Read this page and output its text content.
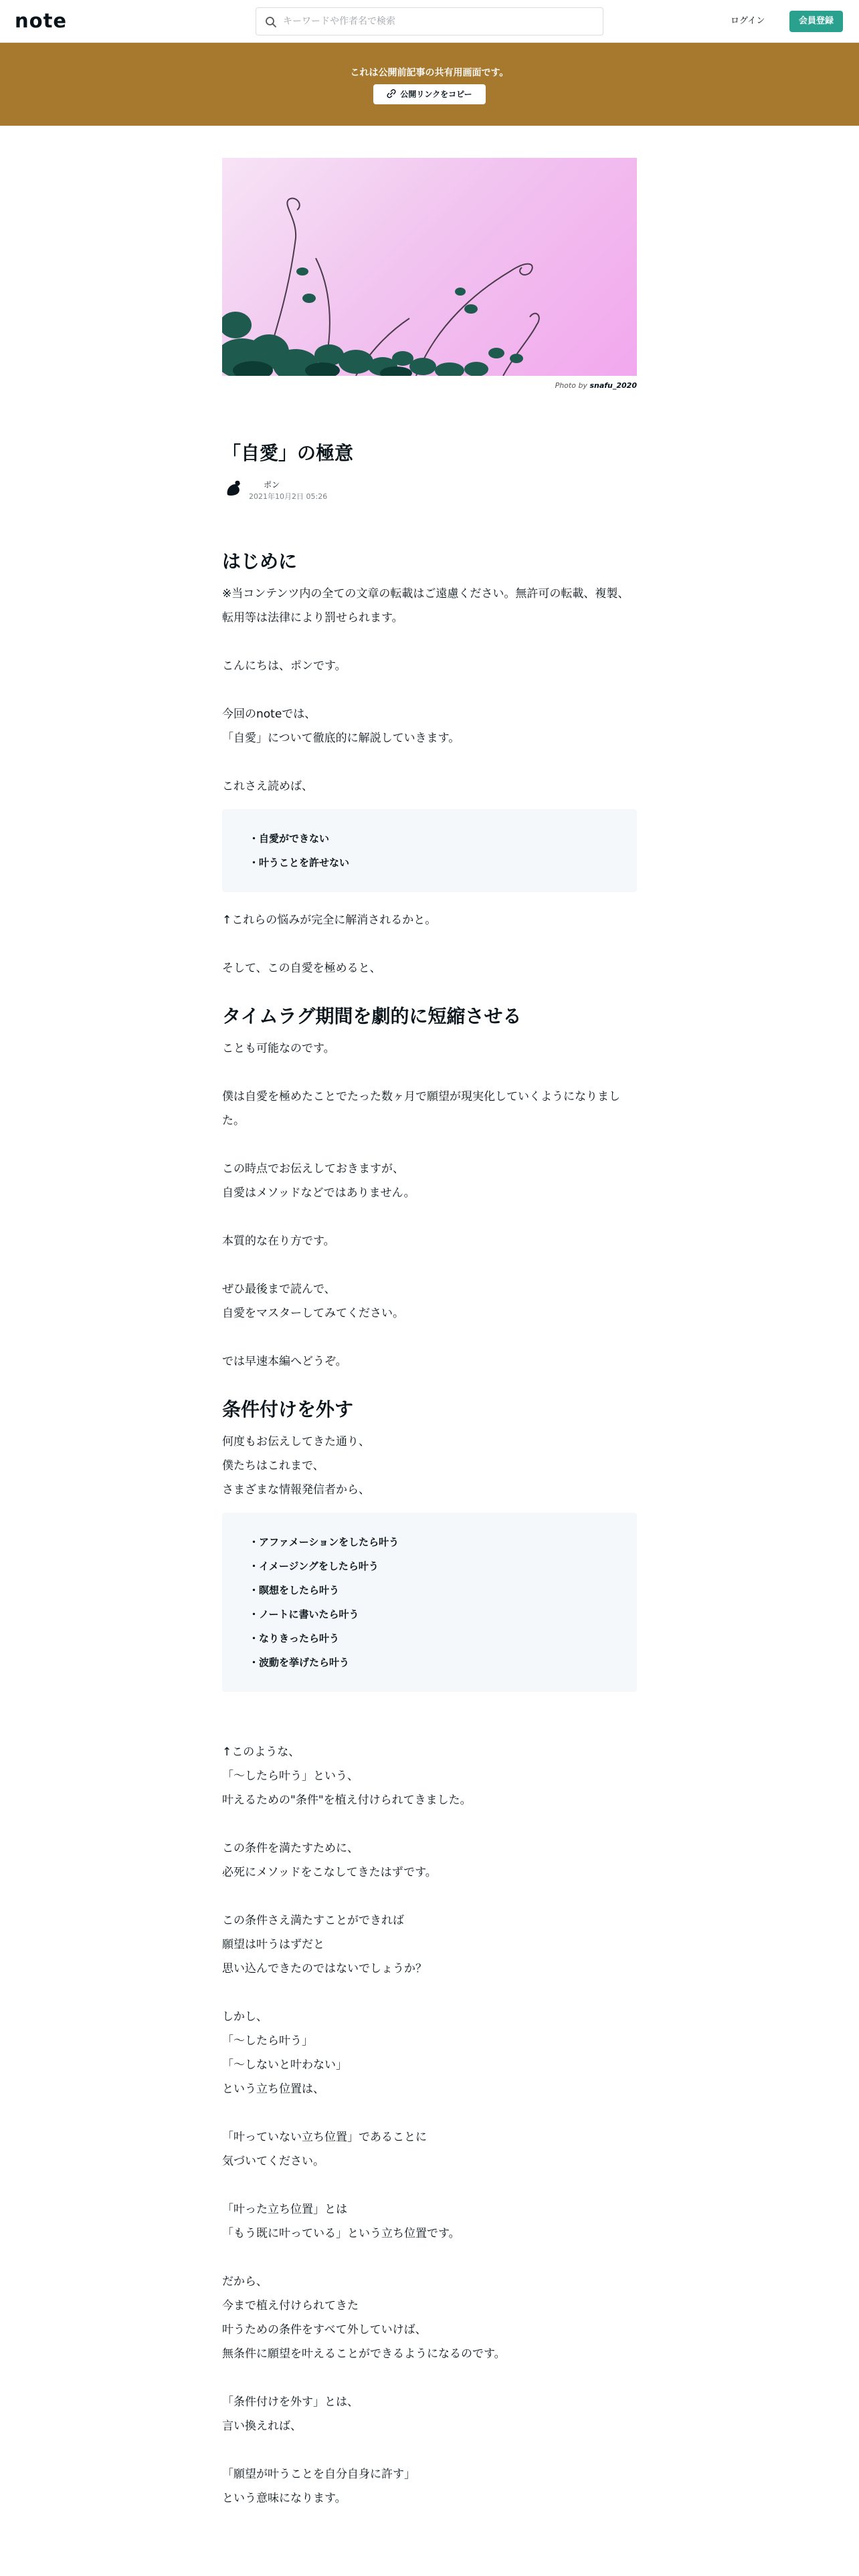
note
キーワードや作者名で検索	ログイン	会員登録
これは公開前記事の共有用画面です。
公開リンクをコピー
Photo by snafu_2020
「自愛」の極意
ポン
2021年10月2日 05:26
はじめに

※当コンテンツ内の全ての文章の転載はご遠慮ください。無許可の転載、複製、転用等は法律により罰せられます。

こんにちは、ポンです。

今回のnoteでは、

「自愛」について徹底的に解説していきます。

これさえ読めば、

・自愛ができない
・叶うことを許せない

↑これらの悩みが完全に解消されるかと。

そして、この自愛を極めると、

タイムラグ期間を劇的に短縮させる

ことも可能なのです。

僕は自愛を極めたことでたった数ヶ月で願望が現実化していくようになりました。

この時点でお伝えしておきますが、

自愛はメソッドなどではありません。

本質的な在り方です。

ぜひ最後まで読んで、

自愛をマスターしてみてください。

では早速本編へどうぞ。

条件付けを外す

何度もお伝えしてきた通り、

僕たちはこれまで、

さまざまな情報発信者から、

・アファメーションをしたら叶う
・イメージングをしたら叶う
・瞑想をしたら叶う
・ノートに書いたら叶う
・なりきったら叶う
・波動を挙げたら叶う

↑このような、

「〜したら叶う」という、

叶えるための"条件"を植え付けられてきました。

この条件を満たすために、

必死にメソッドをこなしてきたはずです。

この条件さえ満たすことができれば

願望は叶うはずだと

思い込んできたのではないでしょうか？

しかし、

「〜したら叶う」

「〜しないと叶わない」

という立ち位置は、

「叶っていない立ち位置」であることに

気づいてください。

「叶った立ち位置」とは

「もう既に叶っている」という立ち位置です。

だから、

今まで植え付けられてきた

叶うための条件をすべて外していけば、

無条件に願望を叶えることができるようになるのです。

「条件付けを外す」とは、

言い換えれば、

「願望が叶うことを自分自身に許す」

という意味になります。
